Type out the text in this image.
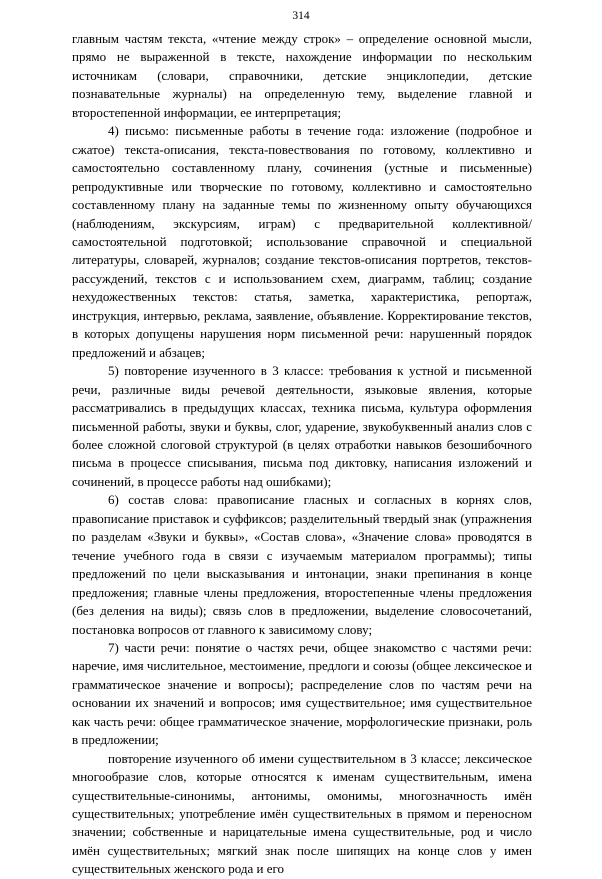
314

главным частям текста, «чтение между строк» – определение основной мысли, прямо не выраженной в тексте, нахождение информации по нескольким источникам (словари, справочники, детские энциклопедии, детские познавательные журналы) на определенную тему, выделение главной и второстепенной информации, ее интерпретация;

4) письмо: письменные работы в течение года: изложение (подробное и сжатое) текста-описания, текста-повествования по готовому, коллективно и самостоятельно составленному плану, сочинения (устные и письменные) репродуктивные или творческие по готовому, коллективно и самостоятельно составленному плану на заданные темы по жизненному опыту обучающихся (наблюдениям, экскурсиям, играм) с предварительной коллективной/ самостоятельной подготовкой; использование справочной и специальной литературы, словарей, журналов; создание текстов-описания портретов, текстов-рассуждений, текстов с и использованием схем, диаграмм, таблиц; создание нехудожественных текстов: статья, заметка, характеристика, репортаж, инструкция, интервью, реклама, заявление, объявление. Корректирование текстов, в которых допущены нарушения норм письменной речи: нарушенный порядок предложений и абзацев;

5) повторение изученного в 3 классе: требования к устной и письменной речи, различные виды речевой деятельности, языковые явления, которые рассматривались в предыдущих классах, техника письма, культура оформления письменной работы, звуки и буквы, слог, ударение, звукобуквенный анализ слов с более сложной слоговой структурой (в целях отработки навыков безошибочного письма в процессе списывания, письма под диктовку, написания изложений и сочинений, в процессе работы над ошибками);

6) состав слова: правописание гласных и согласных в корнях слов, правописание приставок и суффиксов; разделительный твердый знак (упражнения по разделам «Звуки и буквы», «Состав слова», «Значение слова» проводятся в течение учебного года в связи с изучаемым материалом программы); типы предложений по цели высказывания и интонации, знаки препинания в конце предложения; главные члены предложения, второстепенные члены предложения (без деления на виды); связь слов в предложении, выделение словосочетаний, постановка вопросов от главного к зависимому слову;

7) части речи: понятие о частях речи, общее знакомство с частями речи: наречие, имя числительное, местоимение, предлоги и союзы (общее лексическое и грамматическое значение и вопросы); распределение слов по частям речи на основании их значений и вопросов; имя существительное; имя существительное как часть речи: общее грамматическое значение, морфологические признаки, роль в предложении;

повторение изученного об имени существительном в 3 классе; лексическое многообразие слов, которые относятся к именам существительным, имена существительные-синонимы, антонимы, омонимы, многозначность имён существительных; употребление имён существительных в прямом и переносном значении; собственные и нарицательные имена существительные, род и число имён существительных; мягкий знак после шипящих на конце слов у имен существительных женского рода и его
